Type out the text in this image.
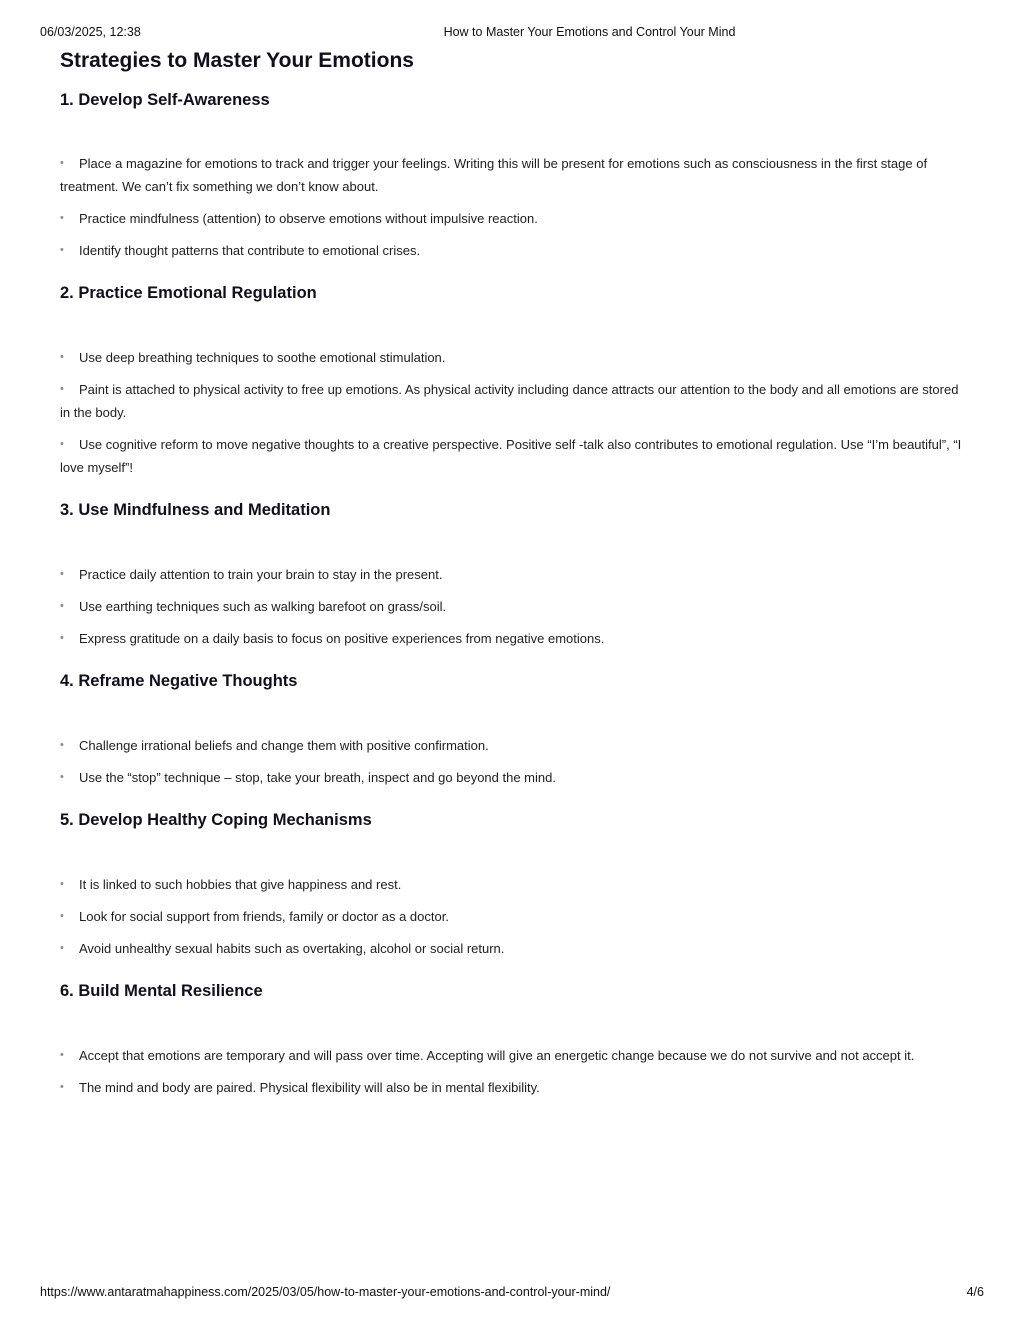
06/03/2025, 12:38	How to Master Your Emotions and Control Your Mind
Strategies to Master Your Emotions
1. Develop Self-Awareness
•Place a magazine for emotions to track and trigger your feelings. Writing this will be present for emotions such as consciousness in the first stage of treatment. We can’t fix something we don’t know about.
•Practice mindfulness (attention) to observe emotions without impulsive reaction.
•Identify thought patterns that contribute to emotional crises.
2. Practice Emotional Regulation
•Use deep breathing techniques to soothe emotional stimulation.
•Paint is attached to physical activity to free up emotions. As physical activity including dance attracts our attention to the body and all emotions are stored in the body.
•Use cognitive reform to move negative thoughts to a creative perspective. Positive self -talk also contributes to emotional regulation. Use “I’m beautiful”, “I love myself”!
3. Use Mindfulness and Meditation
•Practice daily attention to train your brain to stay in the present.
•Use earthing techniques such as walking barefoot on grass/soil.
•Express gratitude on a daily basis to focus on positive experiences from negative emotions.
4. Reframe Negative Thoughts
•Challenge irrational beliefs and change them with positive confirmation.
•Use the “stop” technique – stop, take your breath, inspect and go beyond the mind.
5. Develop Healthy Coping Mechanisms
•It is linked to such hobbies that give happiness and rest.
•Look for social support from friends, family or doctor as a doctor.
•Avoid unhealthy sexual habits such as overtaking, alcohol or social return.
6. Build Mental Resilience
•Accept that emotions are temporary and will pass over time. Accepting will give an energetic change because we do not survive and not accept it.
•The mind and body are paired. Physical flexibility will also be in mental flexibility.
https://www.antaratmahappiness.com/2025/03/05/how-to-master-your-emotions-and-control-your-mind/	4/6
